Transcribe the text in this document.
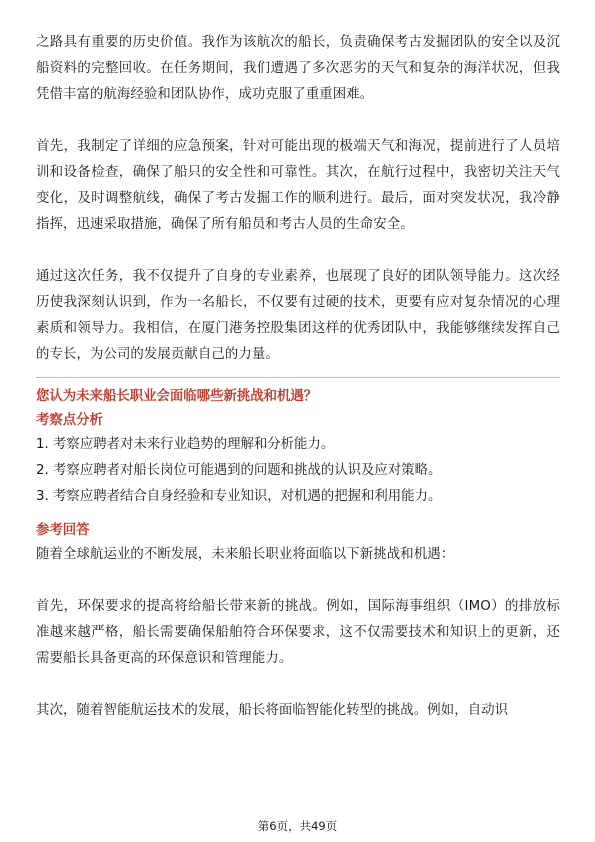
之路具有重要的历史价值。我作为该航次的船长，负责确保考古发掘团队的安全以及沉船资料的完整回收。在任务期间，我们遭遇了多次恶劣的天气和复杂的海洋状况，但我凭借丰富的航海经验和团队协作，成功克服了重重困难。

首先，我制定了详细的应急预案，针对可能出现的极端天气和海况，提前进行了人员培训和设备检查，确保了船只的安全性和可靠性。其次，在航行过程中，我密切关注天气变化，及时调整航线，确保了考古发掘工作的顺利进行。最后，面对突发状况，我冷静指挥，迅速采取措施，确保了所有船员和考古人员的生命安全。

通过这次任务，我不仅提升了自身的专业素养，也展现了良好的团队领导能力。这次经历使我深刻认识到，作为一名船长，不仅要有过硬的技术，更要有应对复杂情况的心理素质和领导力。我相信，在厦门港务控股集团这样的优秀团队中，我能够继续发挥自己的专长，为公司的发展贡献自己的力量。

您认为未来船长职业会面临哪些新挑战和机遇？

考察点分析

1. 考察应聘者对未来行业趋势的理解和分析能力。

2. 考察应聘者对船长岗位可能遇到的问题和挑战的认识及应对策略。

3. 考察应聘者结合自身经验和专业知识，对机遇的把握和利用能力。

参考回答

随着全球航运业的不断发展，未来船长职业将面临以下新挑战和机遇：

首先，环保要求的提高将给船长带来新的挑战。例如，国际海事组织（IMO）的排放标准越来越严格，船长需要确保船舶符合环保要求，这不仅需要技术和知识上的更新，还需要船长具备更高的环保意识和管理能力。

其次，随着智能航运技术的发展，船长将面临智能化转型的挑战。例如，自动识

第6页，共49页
